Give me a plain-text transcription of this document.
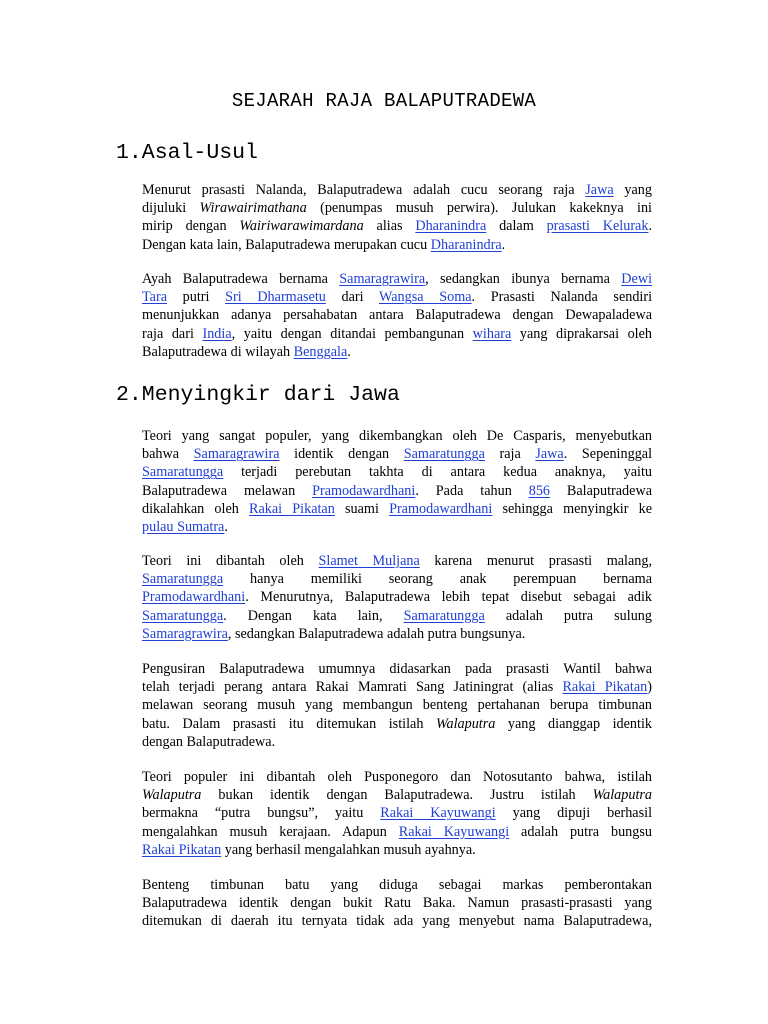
SEJARAH RAJA BALAPUTRADEWA
1.Asal-Usul
Menurut prasasti Nalanda, Balaputradewa adalah cucu seorang raja Jawa yang
dijuluki Wirawairimathana (penumpas musuh perwira). Julukan kakeknya ini
mirip dengan Wairiwarawimardana alias Dharanindra dalam prasasti Kelurak.
Dengan kata lain, Balaputradewa merupakan cucu Dharanindra.
Ayah Balaputradewa bernama Samaragrawira, sedangkan ibunya bernama Dewi
Tara putri Sri Dharmasetu dari Wangsa Soma. Prasasti Nalanda sendiri
menunjukkan adanya persahabatan antara Balaputradewa dengan Dewapaladewa
raja dari India, yaitu dengan ditandai pembangunan wihara yang diprakarsai oleh
Balaputradewa di wilayah Benggala.
2.Menyingkir dari Jawa
Teori yang sangat populer, yang dikembangkan oleh De Casparis, menyebutkan
bahwa Samaragrawira identik dengan Samaratungga raja Jawa. Sepeninggal
Samaratungga terjadi perebutan takhta di antara kedua anaknya, yaitu
Balaputradewa melawan Pramodawardhani. Pada tahun 856 Balaputradewa
dikalahkan oleh Rakai Pikatan suami Pramodawardhani sehingga menyingkir ke
pulau Sumatra.
Teori ini dibantah oleh Slamet Muljana karena menurut prasasti malang,
Samaratungga hanya memiliki seorang anak perempuan bernama
Pramodawardhani. Menurutnya, Balaputradewa lebih tepat disebut sebagai adik
Samaratungga. Dengan kata lain, Samaratungga adalah putra sulung
Samaragrawira, sedangkan Balaputradewa adalah putra bungsunya.
Pengusiran Balaputradewa umumnya didasarkan pada prasasti Wantil bahwa
telah terjadi perang antara Rakai Mamrati Sang Jatiningrat (alias Rakai Pikatan)
melawan seorang musuh yang membangun benteng pertahanan berupa timbunan
batu. Dalam prasasti itu ditemukan istilah Walaputra yang dianggap identik
dengan Balaputradewa.
Teori populer ini dibantah oleh Pusponegoro dan Notosutanto bahwa, istilah
Walaputra bukan identik dengan Balaputradewa. Justru istilah Walaputra
bermakna “putra bungsu”, yaitu Rakai Kayuwangi yang dipuji berhasil
mengalahkan musuh kerajaan. Adapun Rakai Kayuwangi adalah putra bungsu
Rakai Pikatan yang berhasil mengalahkan musuh ayahnya.
Benteng timbunan batu yang diduga sebagai markas pemberontakan
Balaputradewa identik dengan bukit Ratu Baka. Namun prasasti-prasasti yang
ditemukan di daerah itu ternyata tidak ada yang menyebut nama Balaputradewa,
